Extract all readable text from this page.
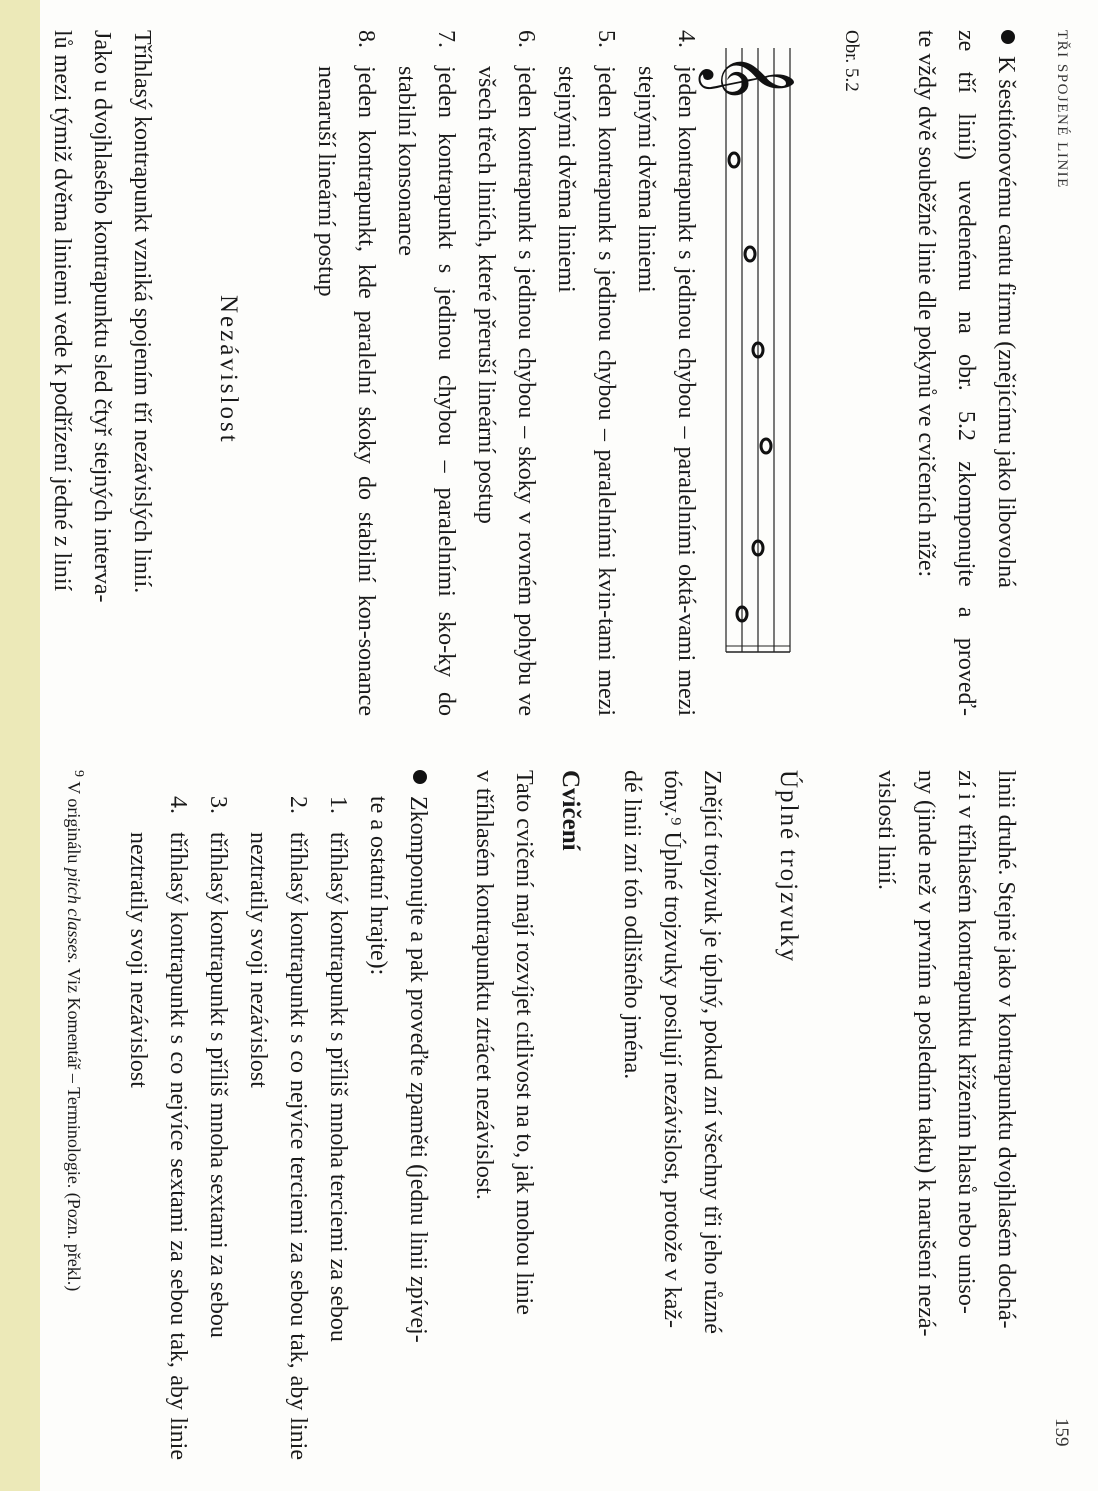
TŘI SPOJENÉ LINIE
159
K šestitónovému cantu firmu (znějícímu jako libovolná
ze tří linií) uvedenému na obr. 5.2 zkomponujte a proveď-
te vždy dvě souběžné linie dle pokynů ve cvičeních níže:
Obr. 5.2
𝄞
4.
jeden kontrapunkt s jedinou chybou – paralelními oktá-vami mezi stejnými dvěma liniemi
5.
jeden kontrapunkt s jedinou chybou – paralelními kvin-tami mezi stejnými dvěma liniemi
6.
jeden kontrapunkt s jedinou chybou – skoky v rovném pohybu ve všech třech liniích, které přeruší lineární postup
7.
jeden kontrapunkt s jedinou chybou – paralelními sko-ky do stabilní konsonance
8.
jeden kontrapunkt, kde paralelní skoky do stabilní kon-sonance nenaruší lineární postup
Nezávislost
Tříhlasý kontrapunkt vzniká spojením tří nezávislých linií.
Jako u dvojhlasého kontrapunktu sled čtyř stejných interva-
lů mezi týmiž dvěma liniemi vede k podřízení jedné z linií
linii druhé. Stejně jako v kontrapunktu dvojhlasém dochá-
zí i v tříhlasém kontrapunktu křížením hlasů nebo uniso-
ny (jinde než v prvním a posledním taktu) k narušení nezá-
vislosti linií.
Úplné trojzvuky
Znějící trojzvuk je úplný, pokud zní všechny tři jeho různé
tóny.⁹ Úplné trojzvuky posilují nezávislost, protože v kaž-
dé linii zní tón odlišného jména.
Cvičení
Tato cvičení mají rozvíjet citlivost na to, jak mohou linie
v tříhlasém kontrapunktu ztrácet nezávislost.
Zkomponujte a pak proveďte zpaměti (jednu linii zpívej-
te a ostatní hrajte):
1.
tříhlasý kontrapunkt s příliš mnoha terciemi za sebou
2.
tříhlasý kontrapunkt s co nejvíce terciemi za sebou tak, aby linie neztratily svoji nezávislost
3.
tříhlasý kontrapunkt s příliš mnoha sextami za sebou
4.
tříhlasý kontrapunkt s co nejvíce sextami za sebou tak, aby linie neztratily svoji nezávislost
$^9$ V originálu pitch classes. Viz Komentář – Terminologie. (Pozn. překl.)
